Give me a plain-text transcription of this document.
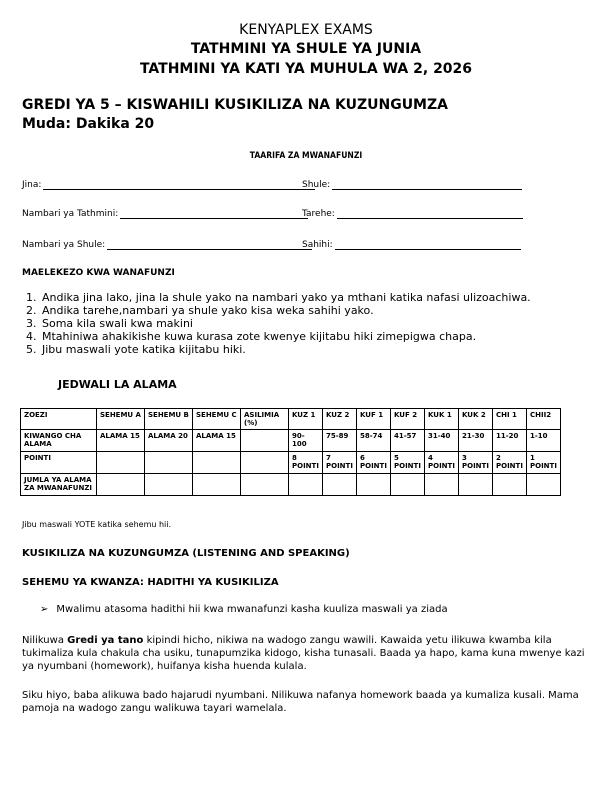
KENYAPLEX EXAMS
TATHMINI YA SHULE YA JUNIA
TATHMINI YA KATI YA MUHULA WA 2, 2026
GREDI YA 5 – KISWAHILI KUSIKILIZA NA KUZUNGUMZA
Muda: Dakika 20
TAARIFA ZA MWANAFUNZI
Jina:	Shule:
Nambari ya Tathmini:	Tarehe:
Nambari ya Shule:	Sahihi:
MAELEKEZO KWA WANAFUNZI
1. Andika jina lako, jina la shule yako na nambari yako ya mthani katika nafasi ulizoachiwa.
2. Andika tarehe,nambari ya shule yako kisa weka sahihi yako.
3. Soma kila swali kwa makini
4. Mtahiniwa ahakikishe kuwa kurasa zote kwenye kijitabu hiki zimepigwa chapa.
5. Jibu maswali yote katika kijitabu hiki.
JEDWALI LA ALAMA
ZOEZI	SEHEMU A	SEHEMU B	SEHEMU C	ASILIMIA (%)	KUZ 1	KUZ 2	KUF 1	KUF 2	KUK 1	KUK 2	CHI 1	CHII2
KIWANGO CHA ALAMA	ALAMA 15	ALAMA 20	ALAMA 15		90-100	75-89	58-74	41-57	31-40	21-30	11-20	1-10
POINTI					8 POINTI	7 POINTI	6 POINTI	5 POINTI	4 POINTI	3 POINTI	2 POINTI	1 POINTI
JUMLA YA ALAMA ZA MWANAFUNZI												
Jibu maswali YOTE katika sehemu hii.
KUSIKILIZA NA KUZUNGUMZA (LISTENING AND SPEAKING)
SEHEMU YA KWANZA: HADITHI YA KUSIKILIZA
➢ Mwalimu atasoma hadithi hii kwa mwanafunzi kasha kuuliza maswali ya ziada
Nilikuwa Gredi ya tano kipindi hicho, nikiwa na wadogo zangu wawili. Kawaida yetu ilikuwa kwamba kila tukimaliza kula chakula cha usiku, tunapumzika kidogo, kisha tunasali. Baada ya hapo, kama kuna mwenye kazi ya nyumbani (homework), huifanya kisha huenda kulala.
Siku hiyo, baba alikuwa bado hajarudi nyumbani. Nilikuwa nafanya homework baada ya kumaliza kusali. Mama pamoja na wadogo zangu walikuwa tayari wamelala.
